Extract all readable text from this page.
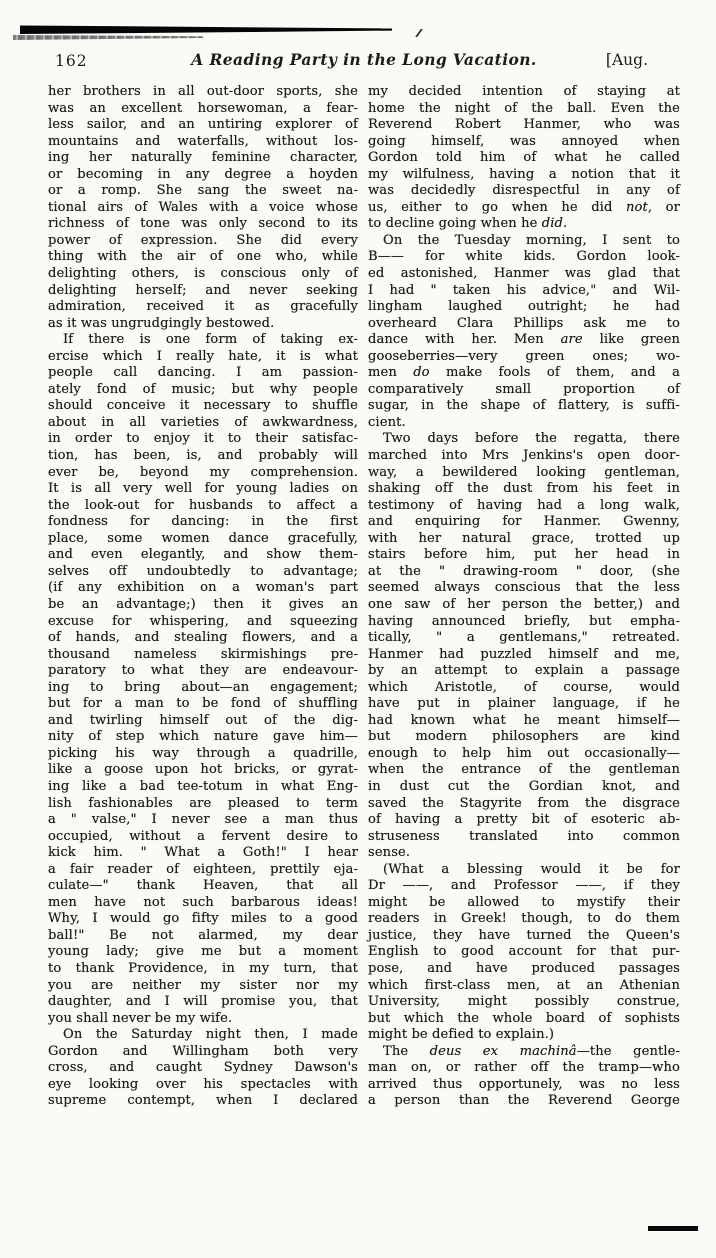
162	A Reading Party in the Long Vacation.	[Aug.
her brothers in all out-door sports, she
was an excellent horsewoman, a fear-
less sailor, and an untiring explorer of
mountains and waterfalls, without los-
ing her naturally feminine character,
or becoming in any degree a hoyden
or a romp. She sang the sweet na-
tional airs of Wales with a voice whose
richness of tone was only second to its
power of expression. She did every
thing with the air of one who, while
delighting others, is conscious only of
delighting herself; and never seeking
admiration, received it as gracefully
as it was ungrudgingly bestowed.
If there is one form of taking ex-
ercise which I really hate, it is what
people call dancing. I am passion-
ately fond of music; but why people
should conceive it necessary to shuffle
about in all varieties of awkwardness,
in order to enjoy it to their satisfac-
tion, has been, is, and probably will
ever be, beyond my comprehension.
It is all very well for young ladies on
the look-out for husbands to affect a
fondness for dancing: in the first
place, some women dance gracefully,
and even elegantly, and show them-
selves off undoubtedly to advantage;
(if any exhibition on a woman's part
be an advantage;) then it gives an
excuse for whispering, and squeezing
of hands, and stealing flowers, and a
thousand nameless skirmishings pre-
paratory to what they are endeavour-
ing to bring about—an engagement;
but for a man to be fond of shuffling
and twirling himself out of the dig-
nity of step which nature gave him—
picking his way through a quadrille,
like a goose upon hot bricks, or gyrat-
ing like a bad tee-totum in what Eng-
lish fashionables are pleased to term
a " valse," I never see a man thus
occupied, without a fervent desire to
kick him. " What a Goth!" I hear
a fair reader of eighteen, prettily eja-
culate—" thank Heaven, that all
men have not such barbarous ideas!
Why, I would go fifty miles to a good
ball!" Be not alarmed, my dear
young lady; give me but a moment
to thank Providence, in my turn, that
you are neither my sister nor my
daughter, and I will promise you, that
you shall never be my wife.
On the Saturday night then, I made
Gordon and Willingham both very
cross, and caught Sydney Dawson's
eye looking over his spectacles with
supreme contempt, when I declared
my decided intention of staying at
home the night of the ball. Even the
Reverend Robert Hanmer, who was
going himself, was annoyed when
Gordon told him of what he called
my wilfulness, having a notion that it
was decidedly disrespectful in any of
us, either to go when he did not, or
to decline going when he did.
On the Tuesday morning, I sent to
B—— for white kids. Gordon look-
ed astonished, Hanmer was glad that
I had " taken his advice," and Wil-
lingham laughed outright; he had
overheard Clara Phillips ask me to
dance with her. Men are like green
gooseberries—very green ones; wo-
men do make fools of them, and a
comparatively small proportion of
sugar, in the shape of flattery, is suffi-
cient.
Two days before the regatta, there
marched into Mrs Jenkins's open door-
way, a bewildered looking gentleman,
shaking off the dust from his feet in
testimony of having had a long walk,
and enquiring for Hanmer. Gwenny,
with her natural grace, trotted up
stairs before him, put her head in
at the " drawing-room " door, (she
seemed always conscious that the less
one saw of her person the better,) and
having announced briefly, but empha-
tically, " a gentlemans," retreated.
Hanmer had puzzled himself and me,
by an attempt to explain a passage
which Aristotle, of course, would
have put in plainer language, if he
had known what he meant himself—
but modern philosophers are kind
enough to help him out occasionally—
when the entrance of the gentleman
in dust cut the Gordian knot, and
saved the Stagyrite from the disgrace
of having a pretty bit of esoteric ab-
struseness translated into common
sense.
(What a blessing would it be for
Dr ——, and Professor ——, if they
might be allowed to mystify their
readers in Greek! though, to do them
justice, they have turned the Queen's
English to good account for that pur-
pose, and have produced passages
which first-class men, at an Athenian
University, might possibly construe,
but which the whole board of sophists
might be defied to explain.)
The deus ex machinâ—the gentle-
man on, or rather off the tramp—who
arrived thus opportunely, was no less
a person than the Reverend George
